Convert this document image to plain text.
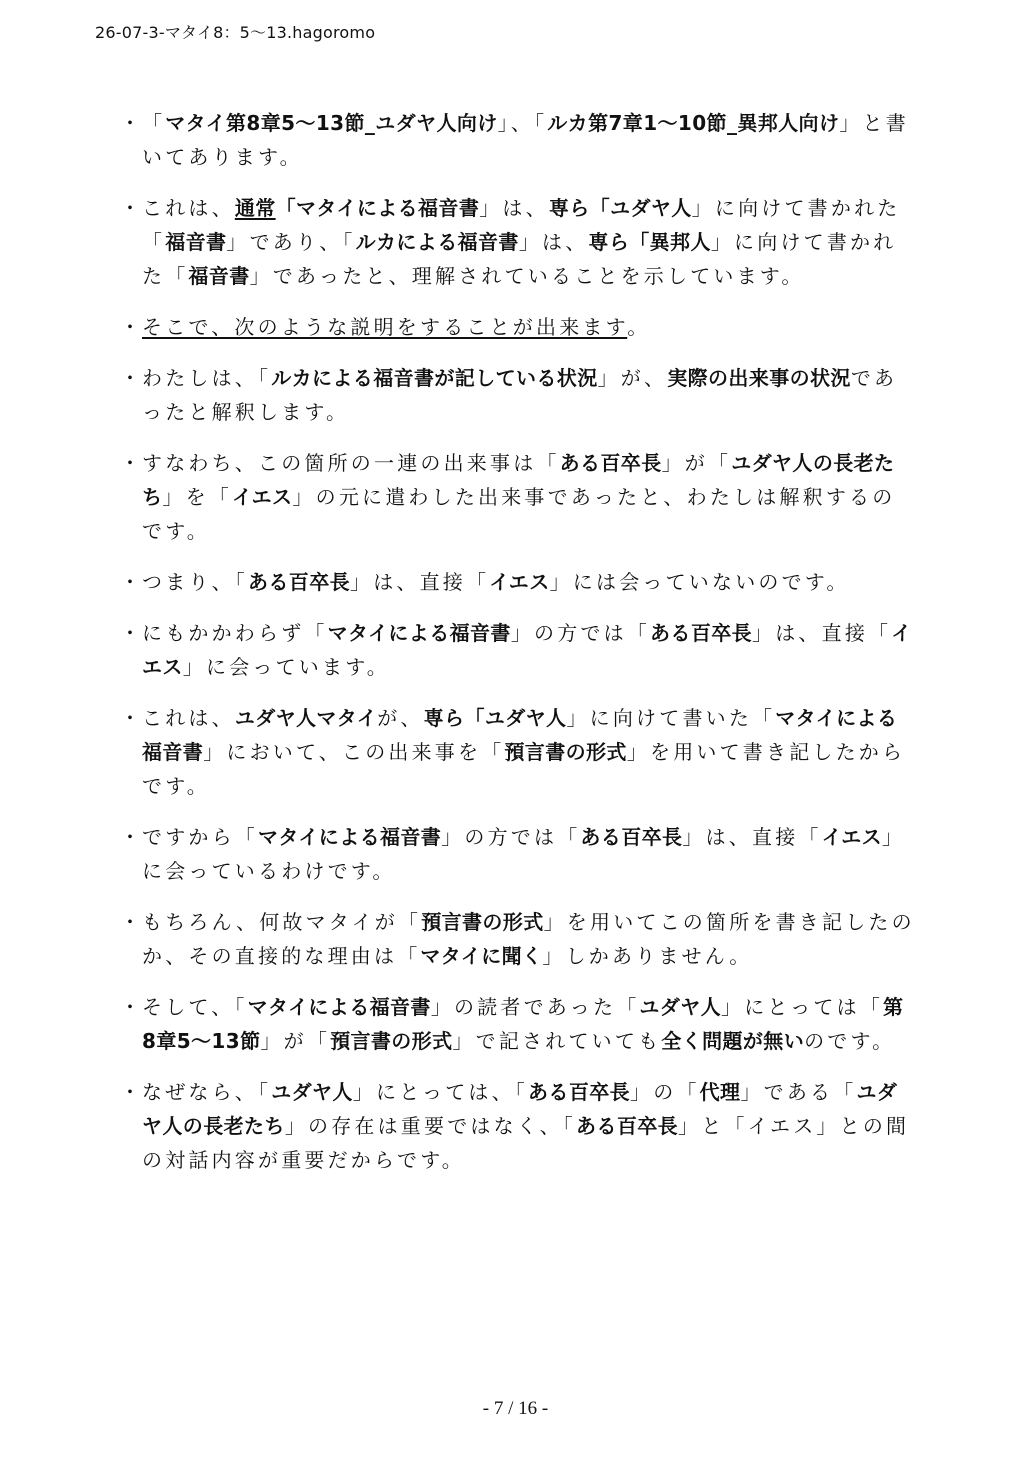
26-07-3-マタイ8：5〜13.hagoromo
・ 「マタイ第8章5〜13節_ユダヤ人向け」、「ルカ第7章1〜10節_異邦人向け」と書いてあります。
・ これは、通常「マタイによる福音書」は、専ら「ユダヤ人」に向けて書かれた「福音書」であり、「ルカによる福音書」は、専ら「異邦人」に向けて書かれた「福音書」であったと、理解されていることを示しています。
・ そこで、次のような説明をすることが出来ます。
・ わたしは、「ルカによる福音書が記している状況」が、実際の出来事の状況であったと解釈します。
・ すなわち、この箇所の一連の出来事は「ある百卒長」が「ユダヤ人の長老たち」を「イエス」の元に遣わした出来事であったと、わたしは解釈するのです。
・ つまり、「ある百卒長」は、直接「イエス」には会っていないのです。
・ にもかかわらず「マタイによる福音書」の方では「ある百卒長」は、直接「イエス」に会っています。
・ これは、ユダヤ人マタイが、専ら「ユダヤ人」に向けて書いた「マタイによる福音書」において、この出来事を「預言書の形式」を用いて書き記したからです。
・ ですから「マタイによる福音書」の方では「ある百卒長」は、直接「イエス」に会っているわけです。
・ もちろん、何故マタイが「預言書の形式」を用いてこの箇所を書き記したのか、その直接的な理由は「マタイに聞く」しかありません。
・ そして、「マタイによる福音書」の読者であった「ユダヤ人」にとっては「第8章5〜13節」が「預言書の形式」で記されていても全く問題が無いのです。
・ なぜなら、「ユダヤ人」にとっては、「ある百卒長」の「代理」である「ユダヤ人の長老たち」の存在は重要ではなく、「ある百卒長」と「イエス」との間の対話内容が重要だからです。
- 7 / 16 -
